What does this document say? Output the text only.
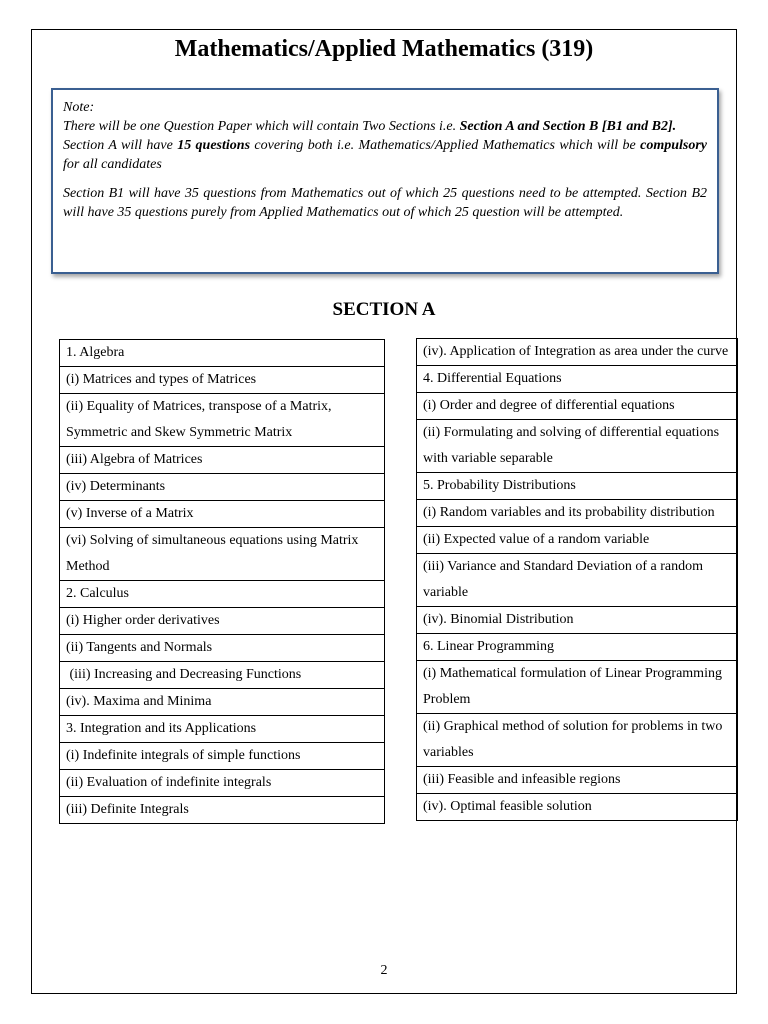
Mathematics/Applied Mathematics (319)

Note:

There will be one Question Paper which will contain Two Sections i.e. Section A and Section B [B1 and B2].

Section A will have 15 questions covering both i.e. Mathematics/Applied Mathematics which will be compulsory for all candidates

Section B1 will have 35 questions from Mathematics out of which 25 questions need to be attempted. Section B2 will have 35 questions purely from Applied Mathematics out of which 25 question will be attempted.

SECTION A
1. Algebra
(i) Matrices and types of Matrices
(ii) Equality of Matrices, transpose of a Matrix, Symmetric and Skew Symmetric Matrix
(iii) Algebra of Matrices
(iv) Determinants
(v) Inverse of a Matrix
(vi) Solving of simultaneous equations using Matrix Method
2. Calculus
(i) Higher order derivatives
(ii) Tangents and Normals
(iii) Increasing and Decreasing Functions
(iv). Maxima and Minima
3. Integration and its Applications
(i) Indefinite integrals of simple functions
(ii) Evaluation of indefinite integrals
(iii) Definite Integrals
(iv). Application of Integration as area under the curve
4. Differential Equations
(i) Order and degree of differential equations
(ii) Formulating and solving of differential equations with variable separable
5. Probability Distributions
(i) Random variables and its probability distribution
(ii) Expected value of a random variable
(iii) Variance and Standard Deviation of a random variable
(iv). Binomial Distribution
6. Linear Programming
(i) Mathematical formulation of Linear Programming Problem
(ii) Graphical method of solution for problems in two variables
(iii) Feasible and infeasible regions
(iv). Optimal feasible solution
2
